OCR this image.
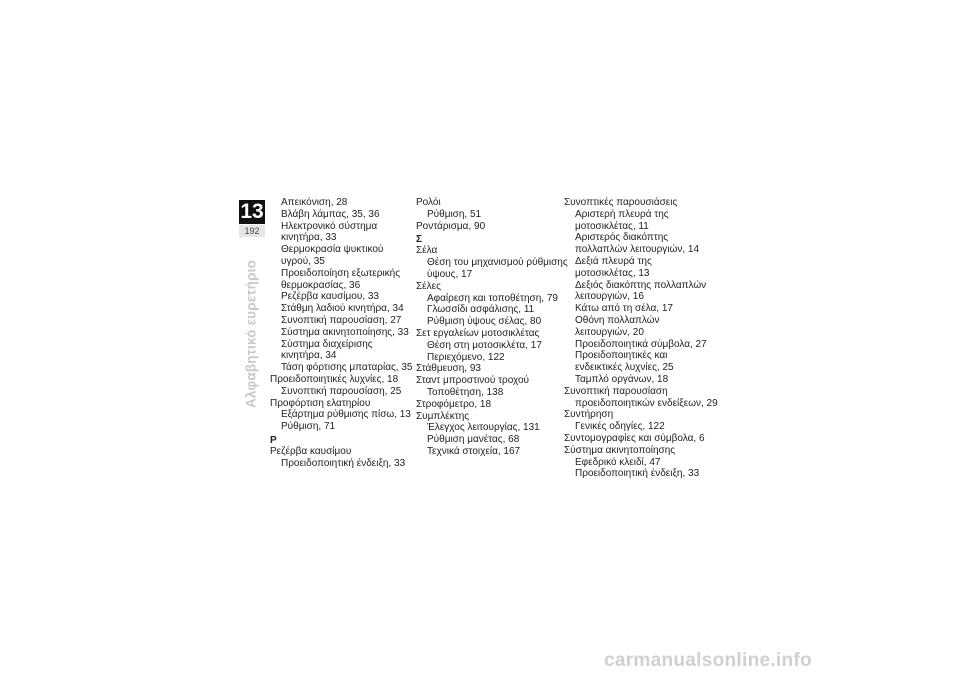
13
192
Αλφαβητικό ευρετήριο
Απεικόνιση, 28
Βλάβη λάμπας, 35, 36
Ηλεκτρονικό σύστημα
κινητήρα, 33
Θερμοκρασία ψυκτικού
υγρού, 35
Προειδοποίηση εξωτερικής
θερμοκρασίας, 36
Ρεζέρβα καυσίμου, 33
Στάθμη λαδιού κινητήρα, 34
Συνοπτική παρουσίαση, 27
Σύστημα ακινητοποίησης, 33
Σύστημα διαχείρισης
κινητήρα, 34
Τάση φόρτισης μπαταρίας, 35
Προειδοποιητικές λυχνίες, 18
Συνοπτική παρουσίαση, 25
Προφόρτιση ελατηρίου
Εξάρτημα ρύθμισης πίσω, 13
Ρύθμιση, 71
P
Ρεζέρβα καυσίμου
Προειδοποιητική ένδειξη, 33
Ρολόι
Ρύθμιση, 51
Ροντάρισμα, 90
Σ
Σέλα
Θέση του μηχανισμού ρύθμισης
ύψους, 17
Σέλες
Αφαίρεση και τοποθέτηση, 79
Γλωσσίδι ασφάλισης, 11
Ρύθμιση ύψους σέλας, 80
Σετ εργαλείων μοτοσικλέτας
Θέση στη μοτοσικλέτα, 17
Περιεχόμενο, 122
Στάθμευση, 93
Σταντ μπροστινού τροχού
Τοποθέτηση, 138
Στροφόμετρο, 18
Συμπλέκτης
Έλεγχος λειτουργίας, 131
Ρύθμιση μανέτας, 68
Τεχνικά στοιχεία, 167
Συνοπτικές παρουσιάσεις
Αριστερή πλευρά της
μοτοσικλέτας, 11
Αριστερός διακόπτης
πολλαπλών λειτουργιών, 14
Δεξιά πλευρά της
μοτοσικλέτας, 13
Δεξιός διακόπτης πολλαπλών
λειτουργιών, 16
Κάτω από τη σέλα, 17
Οθόνη πολλαπλών
λειτουργιών, 20
Προειδοποιητικά σύμβολα, 27
Προειδοποιητικές και
ενδεικτικές λυχνίες, 25
Ταμπλό οργάνων, 18
Συνοπτική παρουσίαση
προειδοποιητικών ενδείξεων, 29
Συντήρηση
Γενικές οδηγίες, 122
Συντομογραφίες και σύμβολα, 6
Σύστημα ακινητοποίησης
Εφεδρικό κλειδί, 47
Προειδοποιητική ένδειξη, 33
carmanualsonline.info
